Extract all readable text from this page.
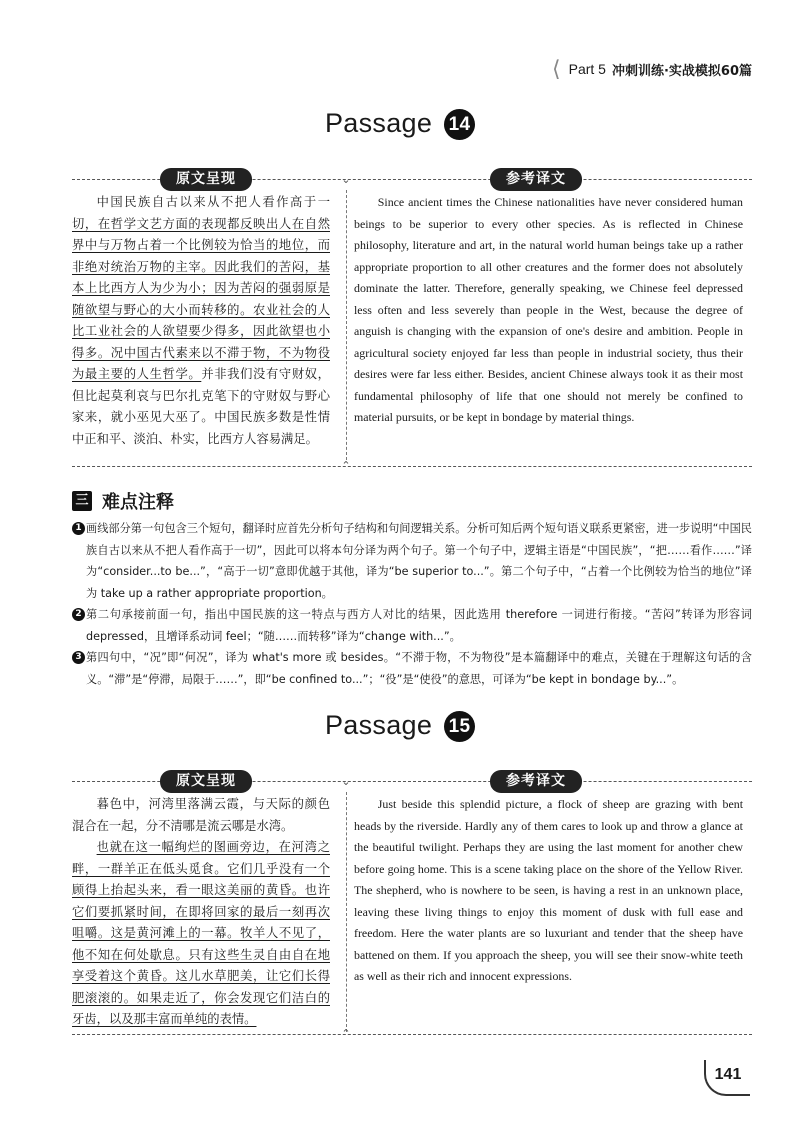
⟨ Part 5 冲刺训练·实战模拟60篇
Passage 14
原文呈现	参考译文
⌄

中国民族自古以来从不把人看作高于一切，在哲学文艺方面的表现都反映出人在自然界中与万物占着一个比例较为恰当的地位，而非绝对统治万物的主宰。因此我们的苦闷，基本上比西方人为少为小；因为苦闷的强弱原是随欲望与野心的大小而转移的。农业社会的人比工业社会的人欲望要少得多，因此欲望也小得多。况中国古代素来以不滞于物，不为物役为最主要的人生哲学。并非我们没有守财奴，但比起莫利哀与巴尔扎克笔下的守财奴与野心家来，就小巫见大巫了。中国民族多数是性情中正和平、淡泊、朴实，比西方人容易满足。

Since ancient times the Chinese nationalities have never considered human beings to be superior to every other species. As is reflected in Chinese philosophy, literature and art, in the natural world human beings take up a rather appropriate proportion to all other creatures and the former does not absolutely dominate the latter. Therefore, generally speaking, we Chinese feel depressed less often and less severely than people in the West, because the degree of anguish is changing with the expansion of one's desire and ambition. People in agricultural society enjoyed far less than people in industrial society, thus their desires were far less either. Besides, ancient Chinese always took it as their most fundamental philosophy of life that one should not merely be confined to material pursuits, or be kept in bondage by material things.

⌃
三 难点注释
1 画线部分第一句包含三个短句，翻译时应首先分析句子结构和句间逻辑关系。分析可知后两个短句语义联系更紧密，进一步说明“中国民族自古以来从不把人看作高于一切”，因此可以将本句分译为两个句子。第一个句子中，逻辑主语是“中国民族”，“把……看作……”译为“consider...to be...”，“高于一切”意即优越于其他，译为“be superior to...”。第二个句子中，“占着一个比例较为恰当的地位”译为 take up a rather appropriate proportion。
2 第二句承接前面一句，指出中国民族的这一特点与西方人对比的结果，因此选用 therefore 一词进行衔接。“苦闷”转译为形容词 depressed，且增译系动词 feel；“随……而转移”译为“change with...”。
3 第四句中，“况”即“何况”，译为 what's more 或 besides。“不滞于物，不为物役”是本篇翻译中的难点，关键在于理解这句话的含义。“滞”是“停滞，局限于……”，即“be confined to...”；“役”是“使役”的意思，可译为“be kept in bondage by...”。
Passage 15
原文呈现	参考译文
⌄

暮色中，河湾里落满云霞，与天际的颜色混合在一起，分不清哪是流云哪是水湾。

也就在这一幅绚烂的图画旁边，在河湾之畔，一群羊正在低头觅食。它们几乎没有一个顾得上抬起头来，看一眼这美丽的黄昏。也许它们要抓紧时间，在即将回家的最后一刻再次咀嚼。这是黄河滩上的一幕。牧羊人不见了，他不知在何处歇息。只有这些生灵自由自在地享受着这个黄昏。这儿水草肥美，让它们长得肥滚滚的。如果走近了，你会发现它们洁白的牙齿，以及那丰富而单纯的表情。

Just beside this splendid picture, a flock of sheep are grazing with bent heads by the riverside. Hardly any of them cares to look up and throw a glance at the beautiful twilight. Perhaps they are using the last moment for another chew before going home. This is a scene taking place on the shore of the Yellow River. The shepherd, who is nowhere to be seen, is having a rest in an unknown place, leaving these living things to enjoy this moment of dusk with full ease and freedom. Here the water plants are so luxuriant and tender that the sheep have battened on them. If you approach the sheep, you will see their snow-white teeth as well as their rich and innocent expressions.

⌃
141
